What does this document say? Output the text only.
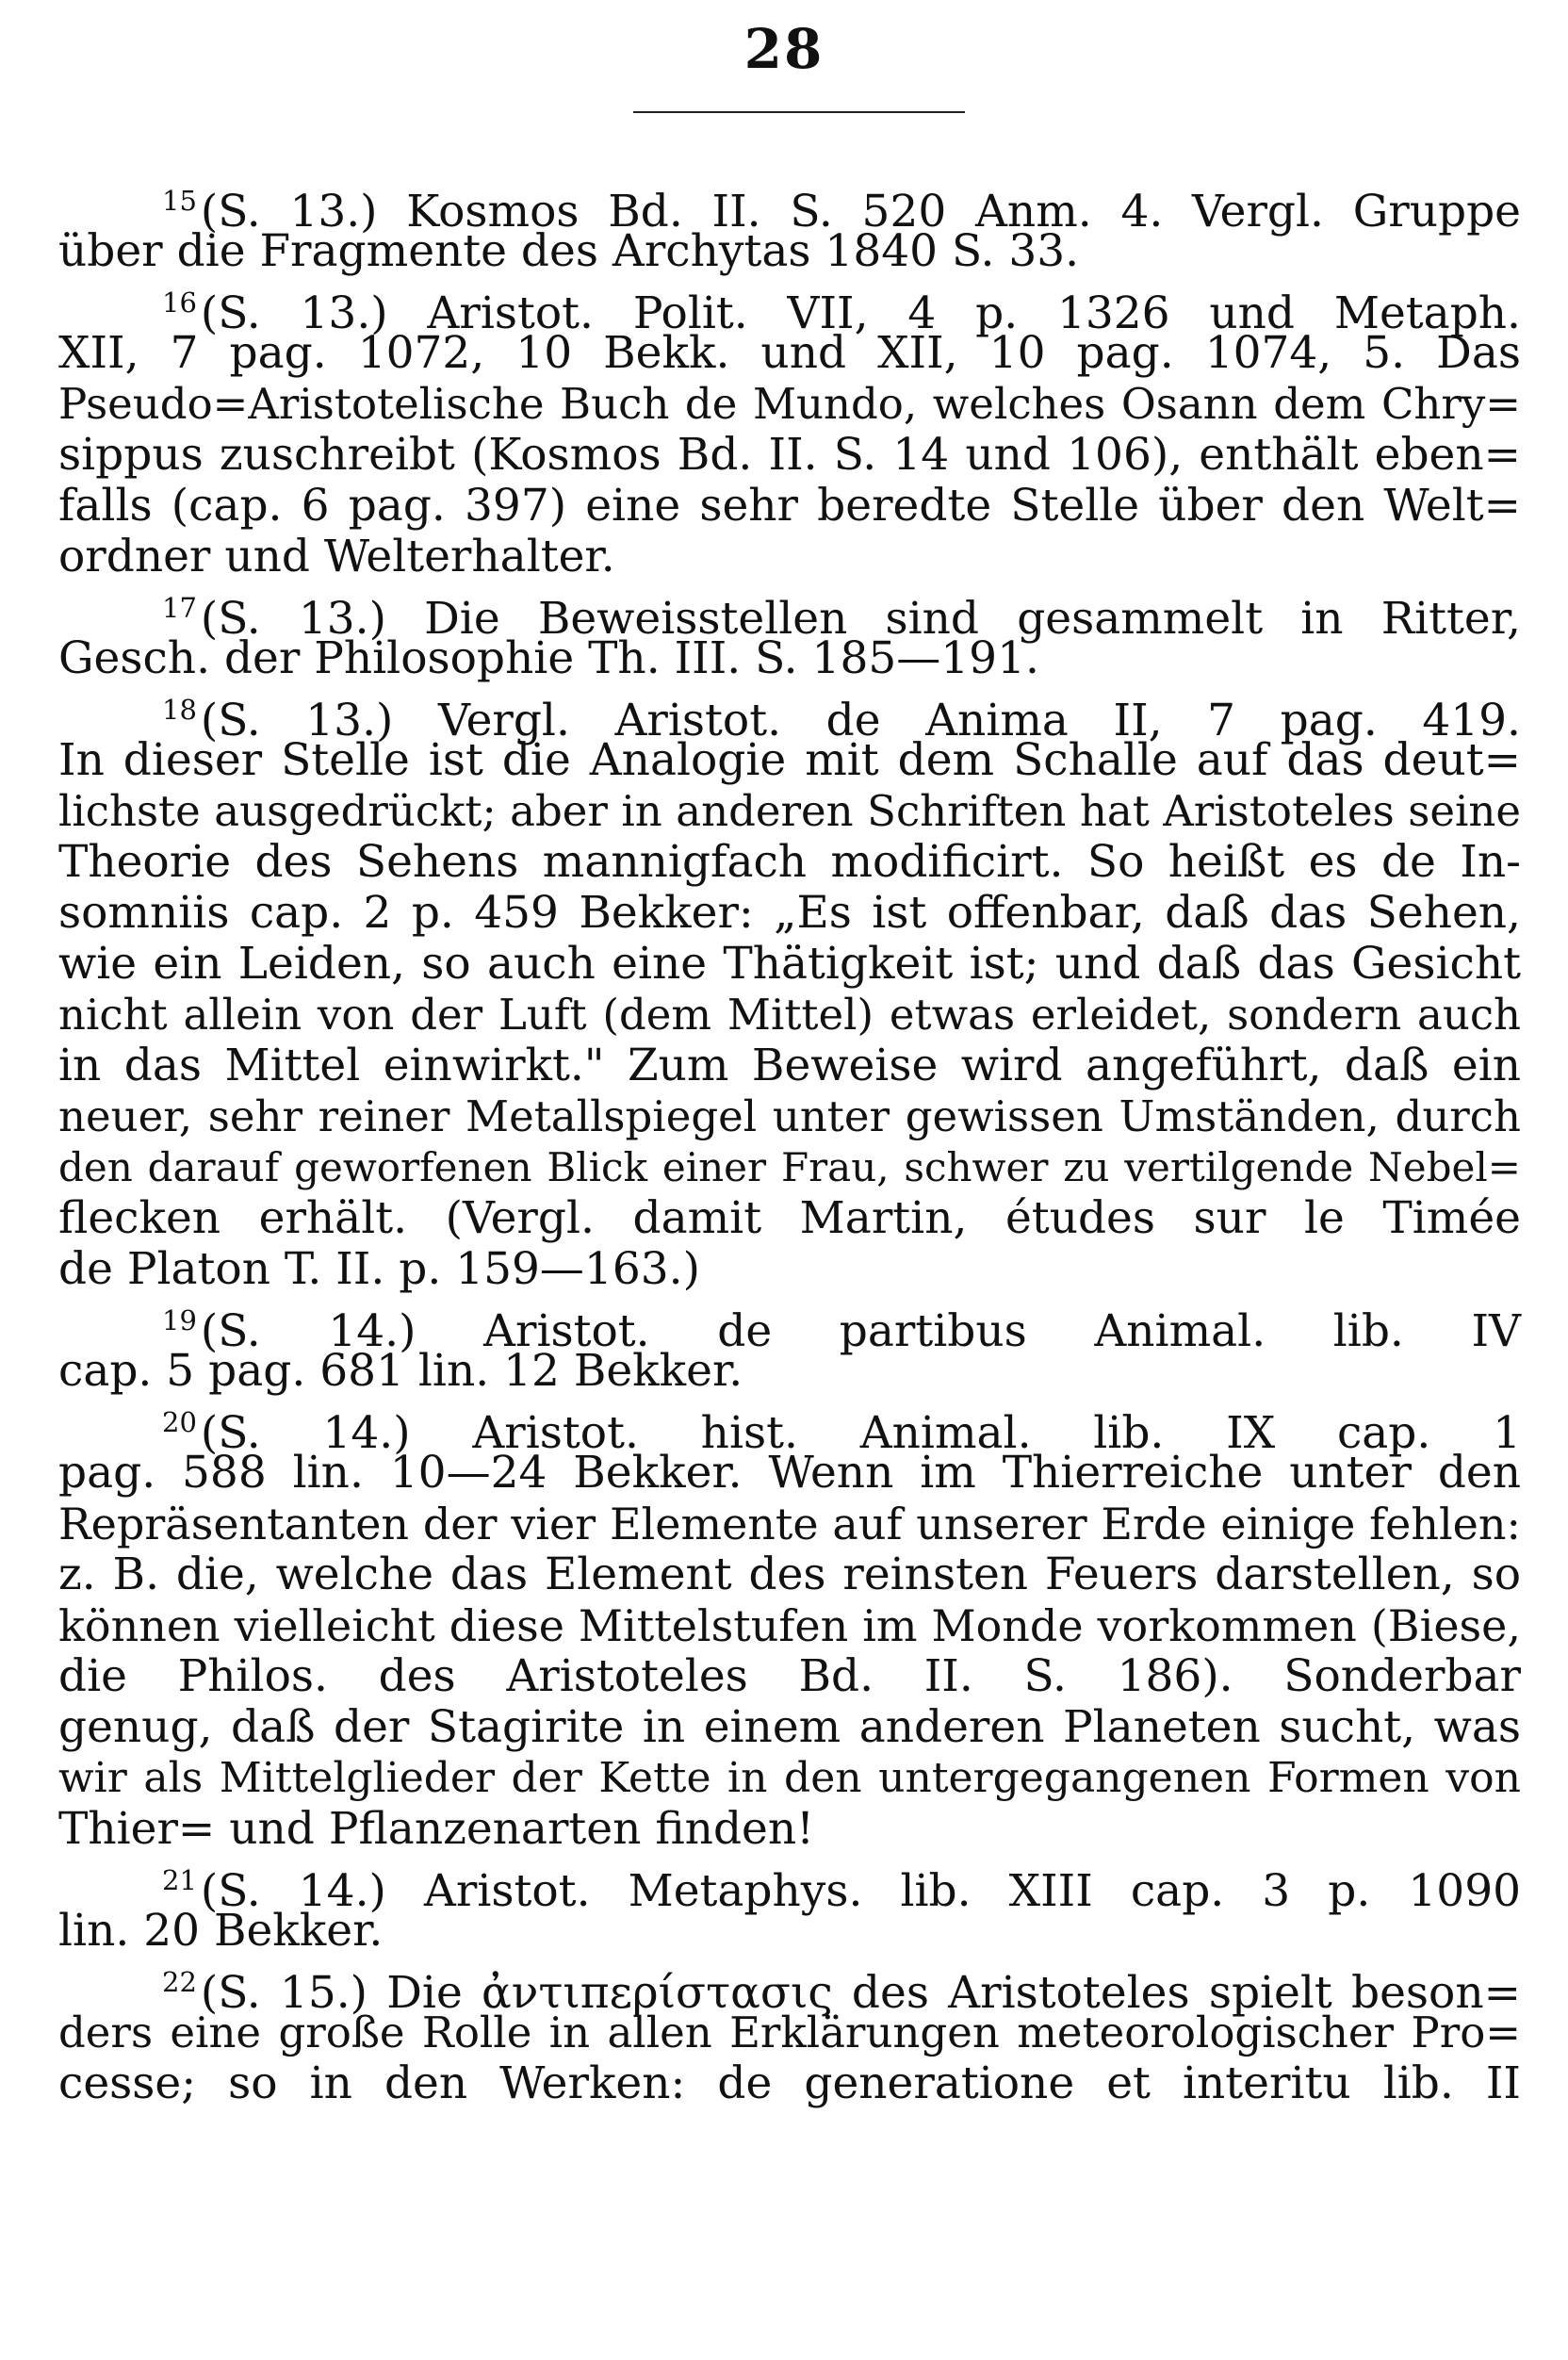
28
$^{15}$(S. 13.) Kosmos Bd. II. S. 520 Anm. 4. Vergl. Gruppe
über die Fragmente des Archytas 1840 S. 33.
$^{16}$(S. 13.) Aristot. Polit. VII, 4 p. 1326 und Metaph.
XII, 7 pag. 1072, 10 Bekk. und XII, 10 pag. 1074, 5. Das
Pseudo=Aristotelische Buch de Mundo, welches Osann dem Chry=
sippus zuschreibt (Kosmos Bd. II. S. 14 und 106), enthält eben=
falls (cap. 6 pag. 397) eine sehr beredte Stelle über den Welt=
ordner und Welterhalter.
$^{17}$(S. 13.) Die Beweisstellen sind gesammelt in Ritter,
Gesch. der Philosophie Th. III. S. 185—191.
$^{18}$(S. 13.) Vergl. Aristot. de Anima II, 7 pag. 419.
In dieser Stelle ist die Analogie mit dem Schalle auf das deut=
lichste ausgedrückt; aber in anderen Schriften hat Aristoteles seine
Theorie des Sehens mannigfach modificirt. So heißt es de In-
somniis cap. 2 p. 459 Bekker: „Es ist offenbar, daß das Sehen,
wie ein Leiden, so auch eine Thätigkeit ist; und daß das Gesicht
nicht allein von der Luft (dem Mittel) etwas erleidet, sondern auch
in das Mittel einwirkt." Zum Beweise wird angeführt, daß ein
neuer, sehr reiner Metallspiegel unter gewissen Umständen, durch
den darauf geworfenen Blick einer Frau, schwer zu vertilgende Nebel=
flecken erhält. (Vergl. damit Martin, études sur le Timée
de Platon T. II. p. 159—163.)
$^{19}$(S. 14.) Aristot. de partibus Animal. lib. IV
cap. 5 pag. 681 lin. 12 Bekker.
$^{20}$(S. 14.) Aristot. hist. Animal. lib. IX cap. 1
pag. 588 lin. 10—24 Bekker. Wenn im Thierreiche unter den
Repräsentanten der vier Elemente auf unserer Erde einige fehlen:
z. B. die, welche das Element des reinsten Feuers darstellen, so
können vielleicht diese Mittelstufen im Monde vorkommen (Biese,
die Philos. des Aristoteles Bd. II. S. 186). Sonderbar
genug, daß der Stagirite in einem anderen Planeten sucht, was
wir als Mittelglieder der Kette in den untergegangenen Formen von
Thier= und Pflanzenarten finden!
$^{21}$(S. 14.) Aristot. Metaphys. lib. XIII cap. 3 p. 1090
lin. 20 Bekker.
$^{22}$(S. 15.) Die ἀντιπερίστασις des Aristoteles spielt beson=
ders eine große Rolle in allen Erklärungen meteorologischer Pro=
cesse; so in den Werken: de generatione et interitu lib. II
